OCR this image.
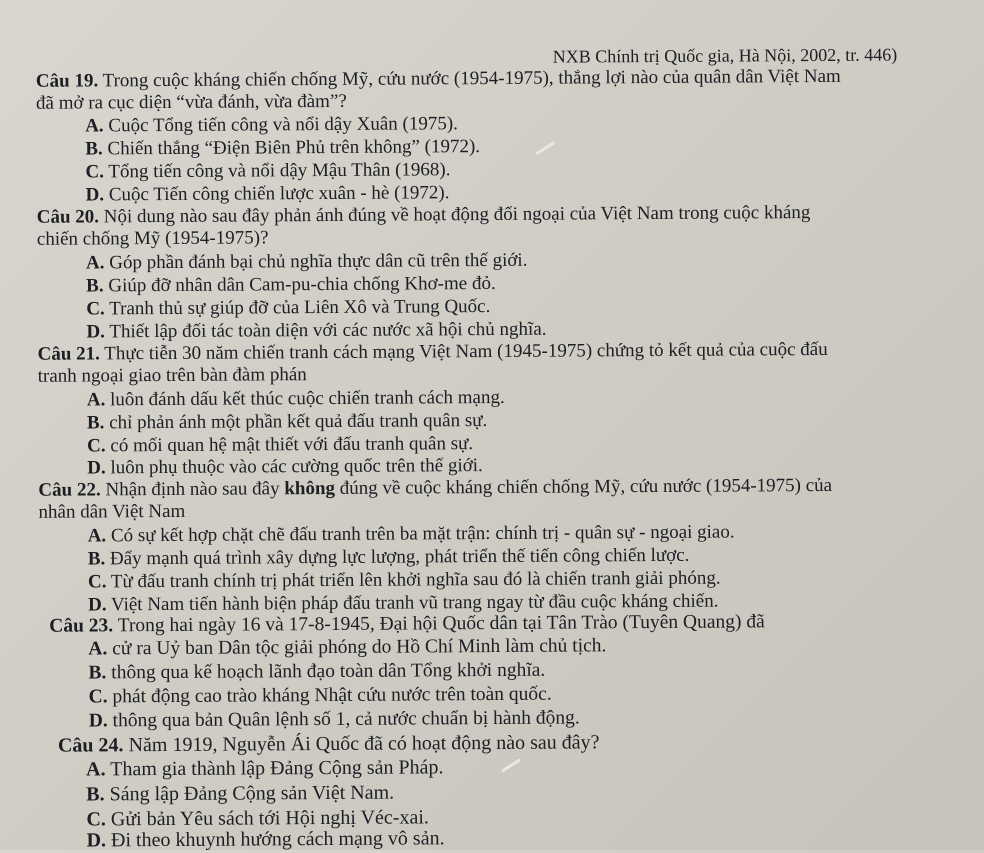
NXB Chính trị Quốc gia, Hà Nội, 2002, tr. 446)
Câu 19. Trong cuộc kháng chiến chống Mỹ, cứu nước (1954-1975), thắng lợi nào của quân dân Việt Nam
đã mở ra cục diện “vừa đánh, vừa đàm”?
A. Cuộc Tổng tiến công và nổi dậy Xuân (1975).
B. Chiến thắng “Điện Biên Phủ trên không” (1972).
C. Tổng tiến công và nổi dậy Mậu Thân (1968).
D. Cuộc Tiến công chiến lược xuân - hè (1972).
Câu 20. Nội dung nào sau đây phản ánh đúng về hoạt động đối ngoại của Việt Nam trong cuộc kháng
chiến chống Mỹ (1954-1975)?
A. Góp phần đánh bại chủ nghĩa thực dân cũ trên thế giới.
B. Giúp đỡ nhân dân Cam-pu-chia chống Khơ-me đỏ.
C. Tranh thủ sự giúp đỡ của Liên Xô và Trung Quốc.
D. Thiết lập đối tác toàn diện với các nước xã hội chủ nghĩa.
Câu 21. Thực tiễn 30 năm chiến tranh cách mạng Việt Nam (1945-1975) chứng tỏ kết quả của cuộc đấu
tranh ngoại giao trên bàn đàm phán
A. luôn đánh dấu kết thúc cuộc chiến tranh cách mạng.
B. chỉ phản ánh một phần kết quả đấu tranh quân sự.
C. có mối quan hệ mật thiết với đấu tranh quân sự.
D. luôn phụ thuộc vào các cường quốc trên thế giới.
Câu 22. Nhận định nào sau đây không đúng về cuộc kháng chiến chống Mỹ, cứu nước (1954-1975) của
nhân dân Việt Nam
A. Có sự kết hợp chặt chẽ đấu tranh trên ba mặt trận: chính trị - quân sự - ngoại giao.
B. Đẩy mạnh quá trình xây dựng lực lượng, phát triển thế tiến công chiến lược.
C. Từ đấu tranh chính trị phát triển lên khởi nghĩa sau đó là chiến tranh giải phóng.
D. Việt Nam tiến hành biện pháp đấu tranh vũ trang ngay từ đầu cuộc kháng chiến.
Câu 23. Trong hai ngày 16 và 17-8-1945, Đại hội Quốc dân tại Tân Trào (Tuyên Quang) đã
A. cử ra Uỷ ban Dân tộc giải phóng do Hồ Chí Minh làm chủ tịch.
B. thông qua kế hoạch lãnh đạo toàn dân Tổng khởi nghĩa.
C. phát động cao trào kháng Nhật cứu nước trên toàn quốc.
D. thông qua bản Quân lệnh số 1, cả nước chuẩn bị hành động.
Câu 24. Năm 1919, Nguyễn Ái Quốc đã có hoạt động nào sau đây?
A. Tham gia thành lập Đảng Cộng sản Pháp.
B. Sáng lập Đảng Cộng sản Việt Nam.
C. Gửi bản Yêu sách tới Hội nghị Véc-xai.
D. Đi theo khuynh hướng cách mạng vô sản.
